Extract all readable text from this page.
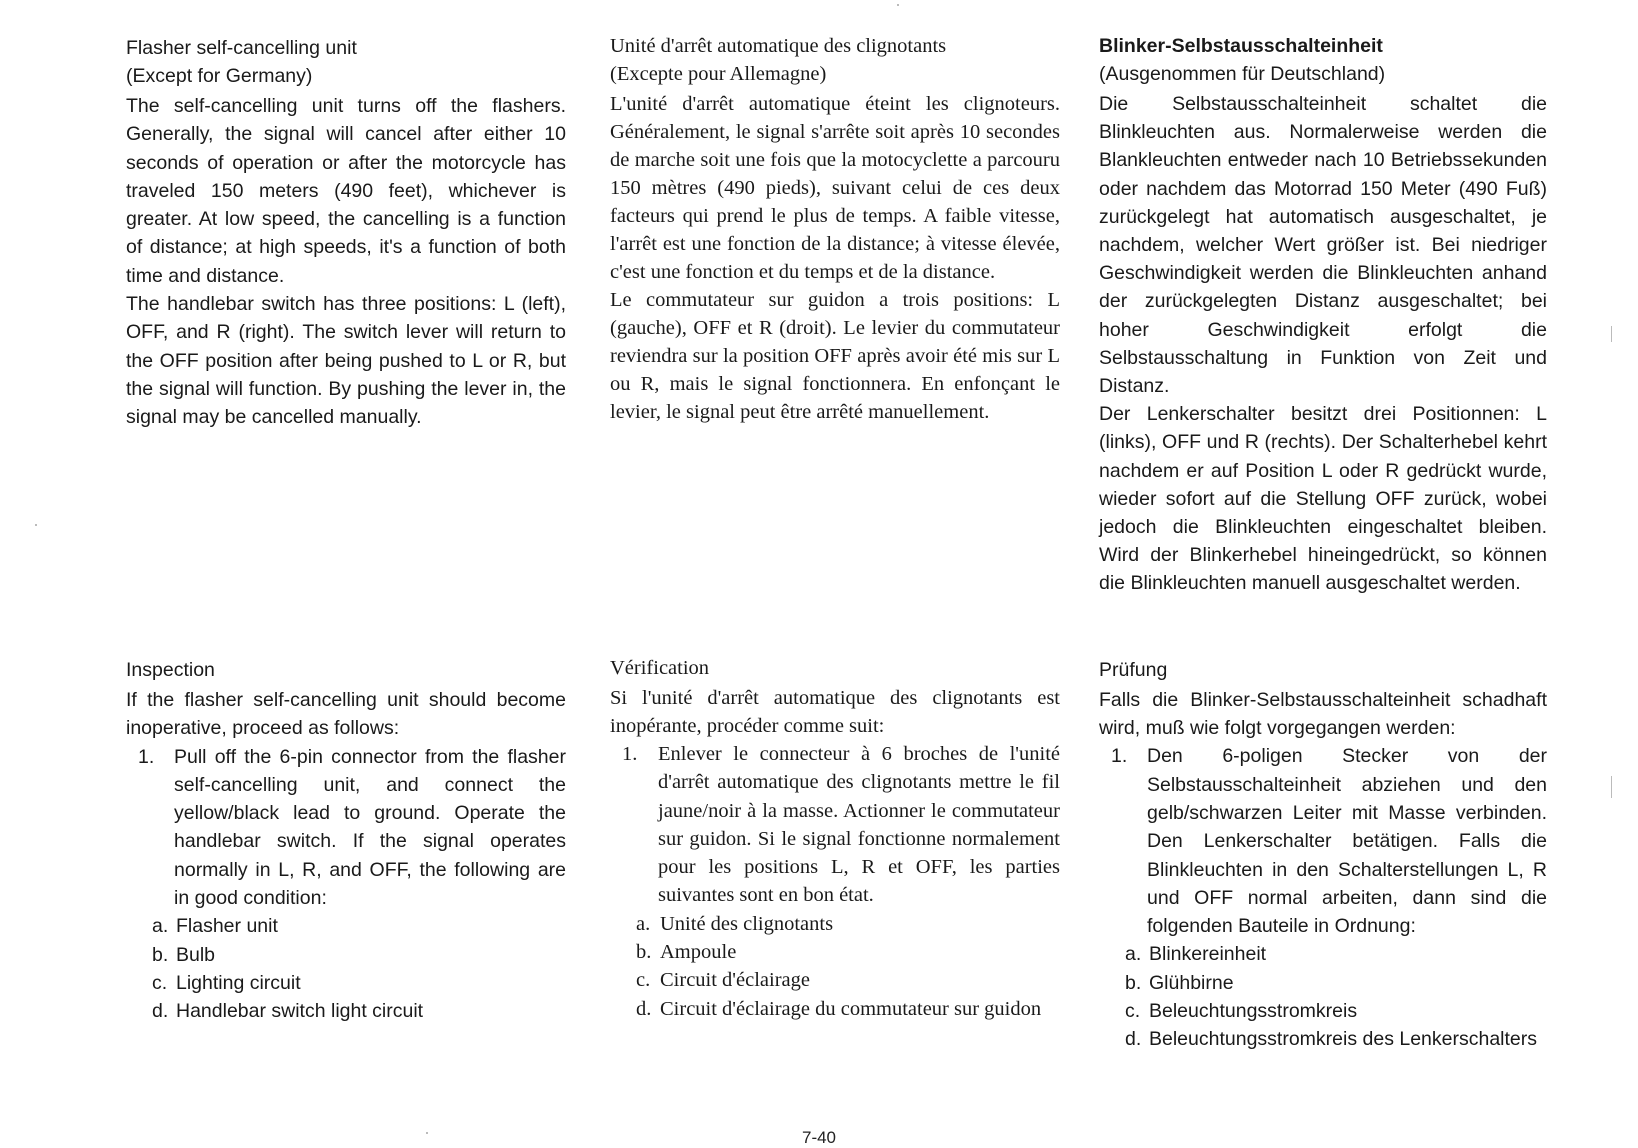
Flasher self-cancelling unit
(Except for Germany)

The self-cancelling unit turns off the flashers. Generally, the signal will cancel after either 10 seconds of operation or after the motorcycle has traveled 150 meters (490 feet), whichever is greater. At low speed, the cancelling is a function of distance; at high speeds, it's a function of both time and distance.

The handlebar switch has three positions: L (left), OFF, and R (right). The switch lever will return to the OFF position after being pushed to L or R, but the signal will function. By pushing the lever in, the signal may be cancelled manually.

Unité d'arrêt automatique des clignotants
(Excepte pour Allemagne)

L'unité d'arrêt automatique éteint les clignoteurs. Généralement, le signal s'arrête soit après 10 secondes de marche soit une fois que la motocyclette a parcouru 150 mètres (490 pieds), suivant celui de ces deux facteurs qui prend le plus de temps. A faible vitesse, l'arrêt est une fonction de la distance; à vitesse élevée, c'est une fonction et du temps et de la distance.

Le commutateur sur guidon a trois positions: L (gauche), OFF et R (droit). Le levier du commutateur reviendra sur la position OFF après avoir été mis sur L ou R, mais le signal fonctionnera. En enfonçant le levier, le signal peut être arrêté manuellement.

Blinker-Selbstausschalteinheit
(Ausgenommen für Deutschland)

Die Selbstausschalteinheit schaltet die Blinkleuchten aus. Normalerweise werden die Blankleuchten entweder nach 10 Betriebssekunden oder nachdem das Motorrad 150 Meter (490 Fuß) zurückgelegt hat automatisch ausgeschaltet, je nachdem, welcher Wert größer ist. Bei niedriger Geschwindigkeit werden die Blinkleuchten anhand der zurückgelegten Distanz ausgeschaltet; bei hoher Geschwindigkeit erfolgt die Selbstausschaltung in Funktion von Zeit und Distanz.

Der Lenkerschalter besitzt drei Positionnen: L (links), OFF und R (rechts). Der Schalterhebel kehrt nachdem er auf Position L oder R gedrückt wurde, wieder sofort auf die Stellung OFF zurück, wobei jedoch die Blinkleuchten eingeschaltet bleiben. Wird der Blinkerhebel hineingedrückt, so können die Blinkleuchten manuell ausgeschaltet werden.

Inspection

If the flasher self-cancelling unit should become inoperative, proceed as follows:

1.	Pull off the 6-pin connector from the flasher self-cancelling unit, and connect the yellow/black lead to ground. Operate the handlebar switch. If the signal operates normally in L, R, and OFF, the following are in good condition:
a. Flasher unit
b. Bulb
c. Lighting circuit
d. Handlebar switch light circuit
Vérification

Si l'unité d'arrêt automatique des clignotants est inopérante, procéder comme suit:

1.	Enlever le connecteur à 6 broches de l'unité d'arrêt automatique des clignotants mettre le fil jaune/noir à la masse. Actionner le commutateur sur guidon. Si le signal fonctionne normalement pour les positions L, R et OFF, les parties suivantes sont en bon état.
a. Unité des clignotants
b. Ampoule
c. Circuit d'éclairage
d. Circuit d'éclairage du commutateur sur guidon
Prüfung

Falls die Blinker-Selbstausschalteinheit schadhaft wird, muß wie folgt vorgegangen werden:

1.	Den 6-poligen Stecker von der Selbstausschalteinheit abziehen und den gelb/schwarzen Leiter mit Masse verbinden. Den Lenkerschalter betätigen. Falls die Blinkleuchten in den Schalterstellungen L, R und OFF normal arbeiten, dann sind die folgenden Bauteile in Ordnung:
a. Blinkereinheit
b. Glühbirne
c. Beleuchtungsstromkreis
d. Beleuchtungsstromkreis des Lenkerschalters
7-40
